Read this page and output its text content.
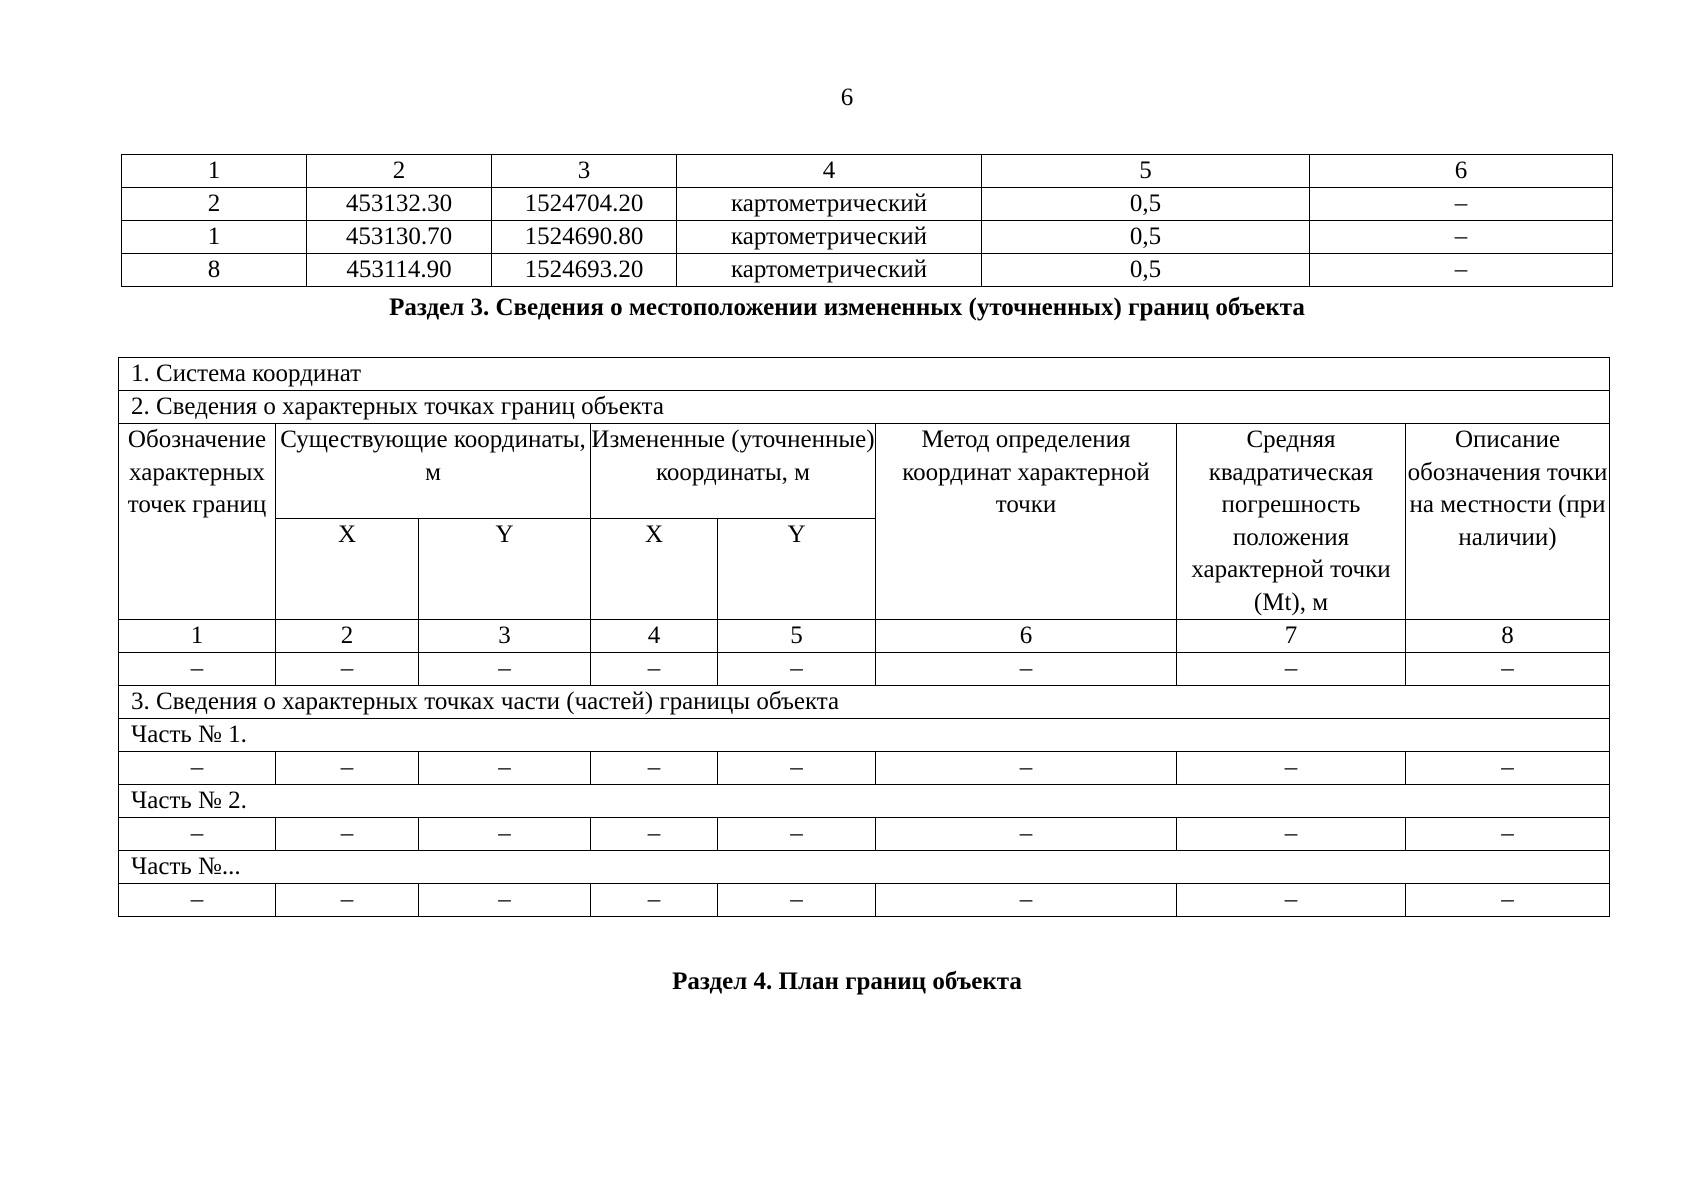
6
1	2	3	4	5	6
2	453132.30	1524704.20	картометрический	0,5	–
1	453130.70	1524690.80	картометрический	0,5	–
8	453114.90	1524693.20	картометрический	0,5	–
Раздел 3. Сведения о местоположении измененных (уточненных) границ объекта
1. Система координат							
2. Сведения о характерных точках границ объекта							
Обозначение характерных точек границ	Существующие координаты, м		Измененные (уточненные) координаты, м		Метод определения координат характерной точки	Средняя квадратическая погрешность положения характерной точки (Mt), м	Описание обозначения точки на местности (при наличии)
	X	Y	X	Y			
1	2	3	4	5	6	7	8
–	–	–	–	–	–	–	–
3. Сведения о характерных точках части (частей) границы объекта							
Часть № 1.							
–	–	–	–	–	–	–	–
Часть № 2.							
–	–	–	–	–	–	–	–
Часть №...							
–	–	–	–	–	–	–	–
Раздел 4. План границ объекта
